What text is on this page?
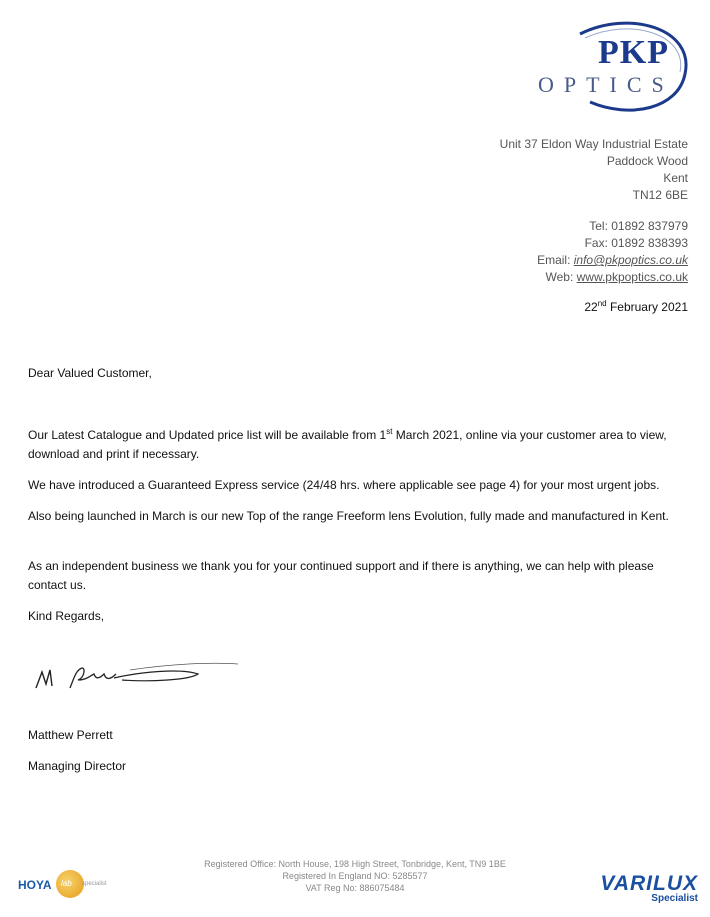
PKP
OPTICS
Unit 37 Eldon Way Industrial Estate
Paddock Wood
Kent
TN12 6BE
Tel: 01892 837979
Fax: 01892 838393
Email: info@pkpoptics.co.uk
Web: www.pkpoptics.co.uk
22nd February 2021
Dear Valued Customer,
Our Latest Catalogue and Updated price list will be available from 1st March 2021, online via your customer area to view, download and print if necessary.
We have introduced a Guaranteed Express service (24/48 hrs. where applicable see page 4) for your most urgent jobs.
Also being launched in March is our new Top of the range Freeform lens Evolution, fully made and manufactured in Kent.
As an independent business we thank you for your continued support and if there is anything, we can help with please contact us.
Kind Regards,
Matthew Perrett
Managing Director
Registered Office: North House, 198 High Street, Tonbridge, Kent, TN9 1BE
Registered In England NO: 5285577
VAT Reg No: 886075484
HOYA lab specialist	VARILUX
Specialist
